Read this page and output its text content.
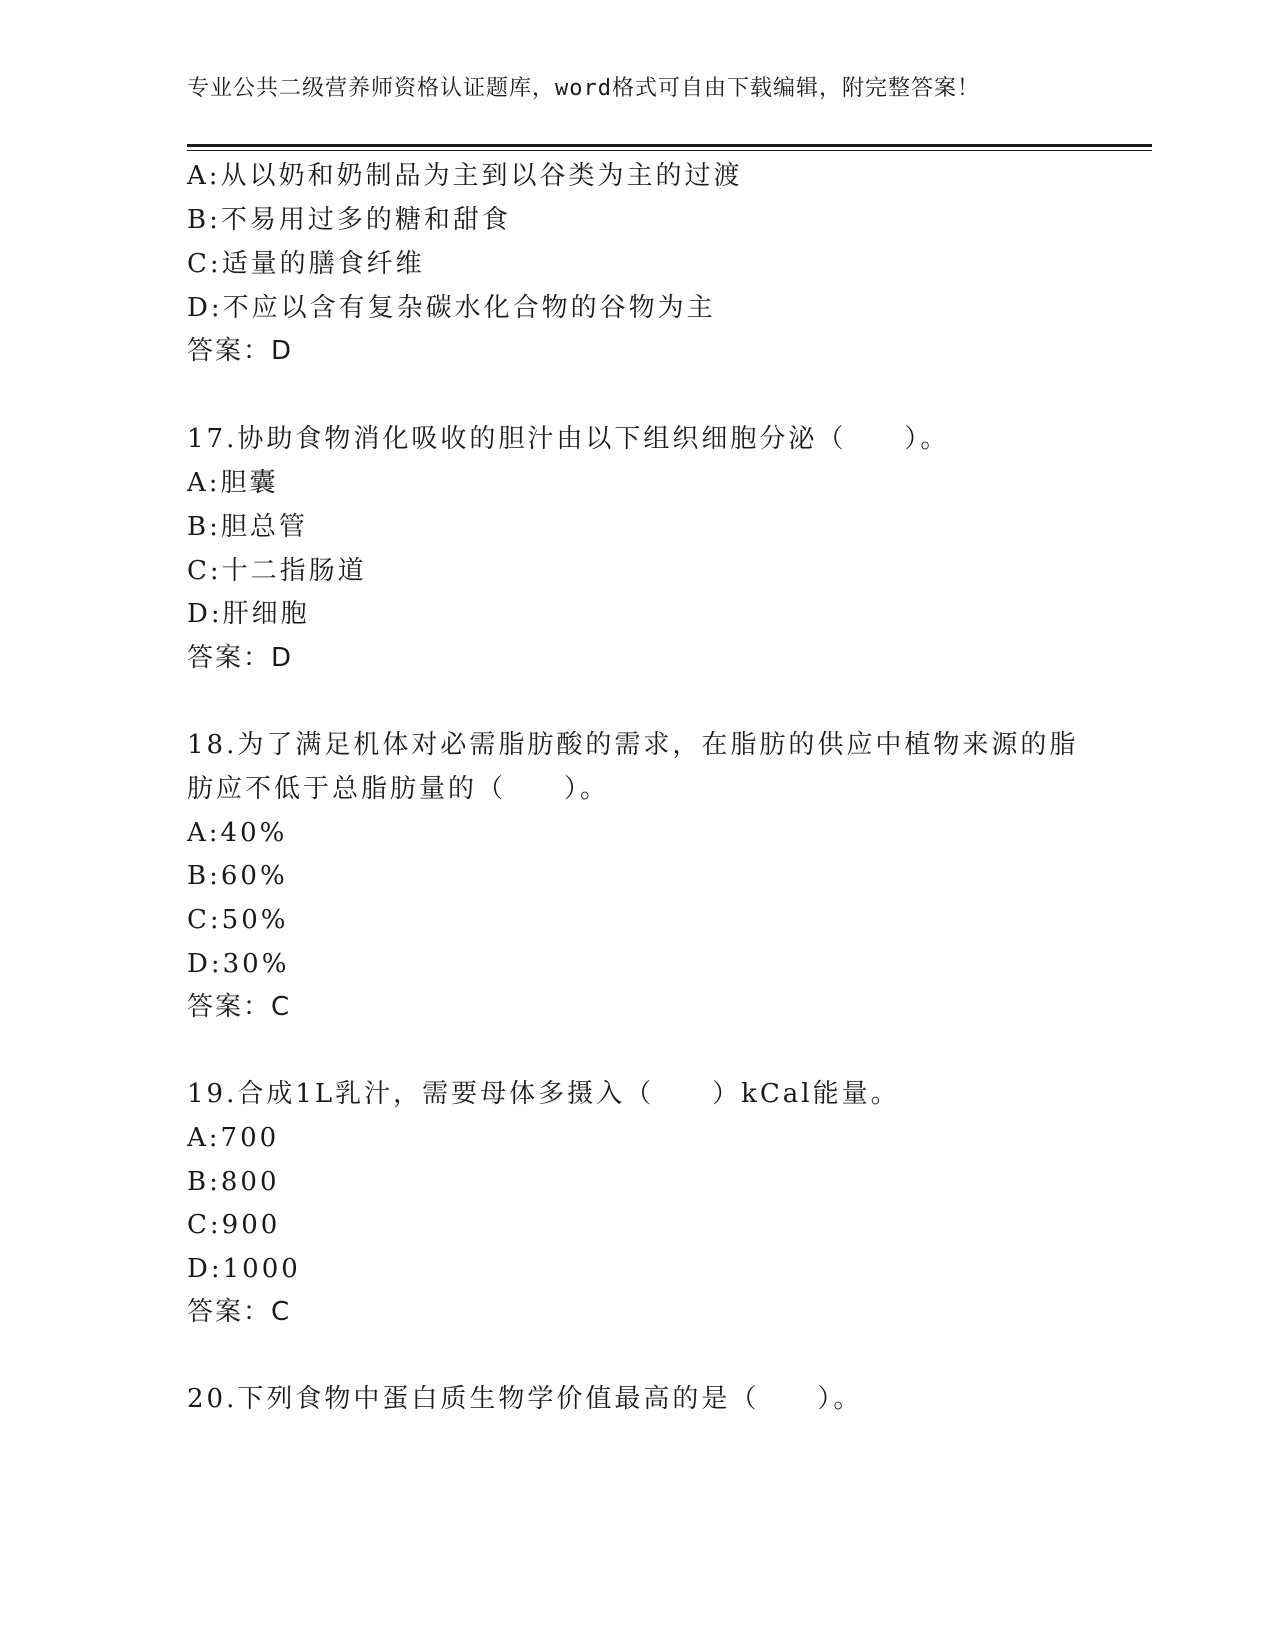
专业公共二级营养师资格认证题库，word格式可自由下载编辑，附完整答案！
A:从以奶和奶制品为主到以谷类为主的过渡
B:不易用过多的糖和甜食
C:适量的膳食纤维
D:不应以含有复杂碳水化合物的谷物为主
答案：D
17.协助食物消化吸收的胆汁由以下组织细胞分泌（　　）。
A:胆囊
B:胆总管
C:十二指肠道
D:肝细胞
答案：D
18.为了满足机体对必需脂肪酸的需求，在脂肪的供应中植物来源的脂
肪应不低于总脂肪量的（　　）。
A:40%
B:60%
C:50%
D:30%
答案：C
19.合成1L乳汁，需要母体多摄入（　　）kCal能量。
A:700
B:800
C:900
D:1000
答案：C
20.下列食物中蛋白质生物学价值最高的是（　　）。
